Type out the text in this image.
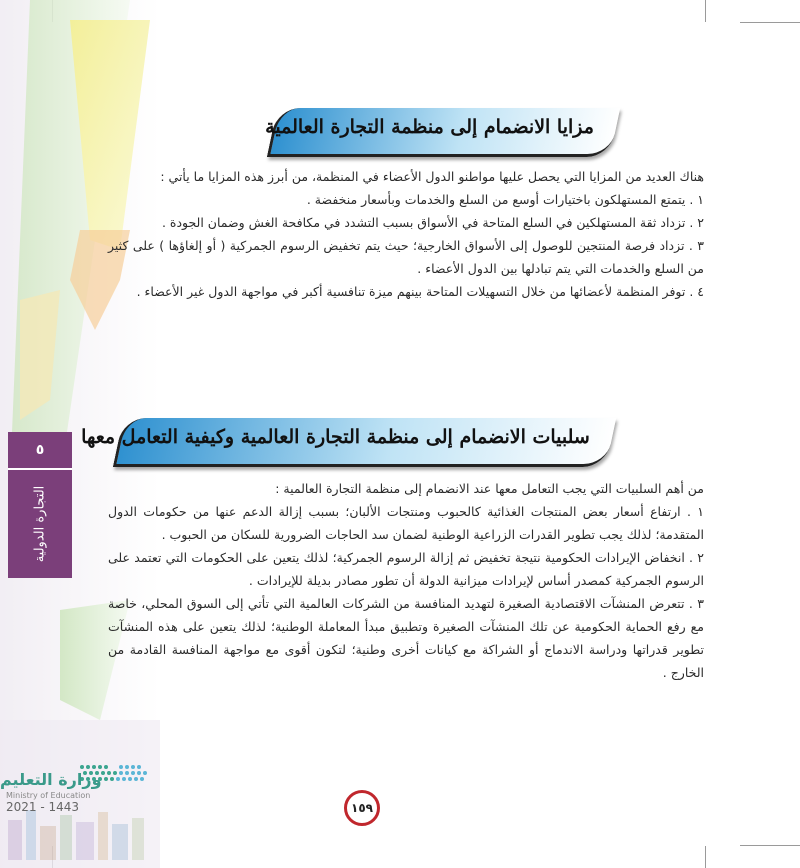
٥
التجارة الدولية
مزايا الانضمام إلى منظمة التجارة العالمية

هناك العديد من المزايا التي يحصل عليها مواطنو الدول الأعضاء في المنظمة، من أبرز هذه المزايا ما يأتي :

١ . يتمتع المستهلكون باختيارات أوسع من السلع والخدمات وبأسعار منخفضة .

٢ . تزداد ثقة المستهلكين في السلع المتاحة في الأسواق بسبب التشدد في مكافحة الغش وضمان الجودة .

٣ . تزداد فرصة المنتجين للوصول إلى الأسواق الخارجية؛ حيث يتم تخفيض الرسوم الجمركية ( أو إلغاؤها ) على كثير من السلع والخدمات التي يتم تبادلها بين الدول الأعضاء .

٤ . توفر المنظمة لأعضائها من خلال التسهيلات المتاحة بينهم ميزة تنافسية أكبر في مواجهة الدول غير الأعضاء .

سلبيات الانضمام إلى منظمة التجارة العالمية وكيفية التعامل معها

من أهم السلبيات التي يجب التعامل معها عند الانضمام إلى منظمة التجارة العالمية :

١ . ارتفاع أسعار بعض المنتجات الغذائية كالحبوب ومنتجات الألبان؛ بسبب إزالة الدعم عنها من حكومات الدول المتقدمة؛ لذلك يجب تطوير القدرات الزراعية الوطنية لضمان سد الحاجات الضرورية للسكان من الحبوب .

٢ . انخفاض الإيرادات الحكومية نتيجة تخفيض ثم إزالة الرسوم الجمركية؛ لذلك يتعين على الحكومات التي تعتمد على الرسوم الجمركية كمصدر أساس لإيرادات ميزانية الدولة أن تطور مصادر بديلة للإيرادات .

٣ . تتعرض المنشآت الاقتصادية الصغيرة لتهديد المنافسة من الشركات العالمية التي تأتي إلى السوق المحلي، خاصة مع رفع الحماية الحكومية عن تلك المنشآت الصغيرة وتطبيق مبدأ المعاملة الوطنية؛ لذلك يتعين على هذه المنشآت تطوير قدراتها ودراسة الاندماج أو الشراكة مع كيانات أخرى وطنية؛ لتكون أقوى مع مواجهة المنافسة القادمة من الخارج .

وزارة التعليم
Ministry of Education
2021 - 1443	١٥٩
